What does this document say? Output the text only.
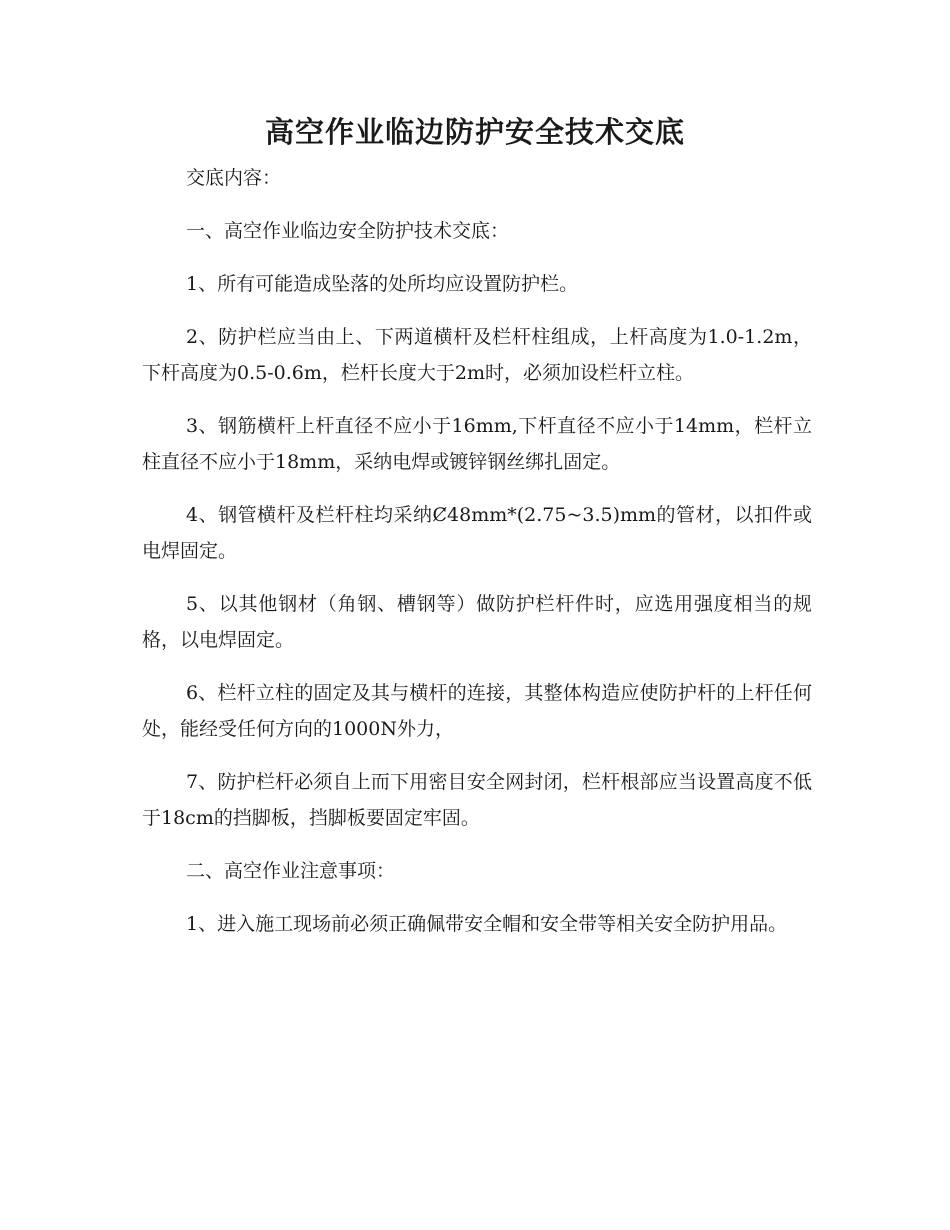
高空作业临边防护安全技术交底

交底内容：

一、高空作业临边安全防护技术交底：

1、所有可能造成坠落的处所均应设置防护栏。

2、防护栏应当由上、下两道横杆及栏杆柱组成，上杆高度为1.0-1.2m，下杆高度为0.5-0.6m，栏杆长度大于2m时，必须加设栏杆立柱。

3、钢筋横杆上杆直径不应小于16mm,下杆直径不应小于14mm，栏杆立柱直径不应小于18mm，采纳电焊或镀锌钢丝绑扎固定。

4、钢管横杆及栏杆柱均采纳Ȼ48mm*(2.75~3.5)mm的管材，以扣件或电焊固定。

5、以其他钢材（角钢、槽钢等）做防护栏杆件时，应选用强度相当的规格，以电焊固定。

6、栏杆立柱的固定及其与横杆的连接，其整体构造应使防护杆的上杆任何处，能经受任何方向的1000N外力，

7、防护栏杆必须自上而下用密目安全网封闭，栏杆根部应当设置高度不低于18cm的挡脚板，挡脚板要固定牢固。

二、高空作业注意事项：

1、进入施工现场前必须正确佩带安全帽和安全带等相关安全防护用品。
